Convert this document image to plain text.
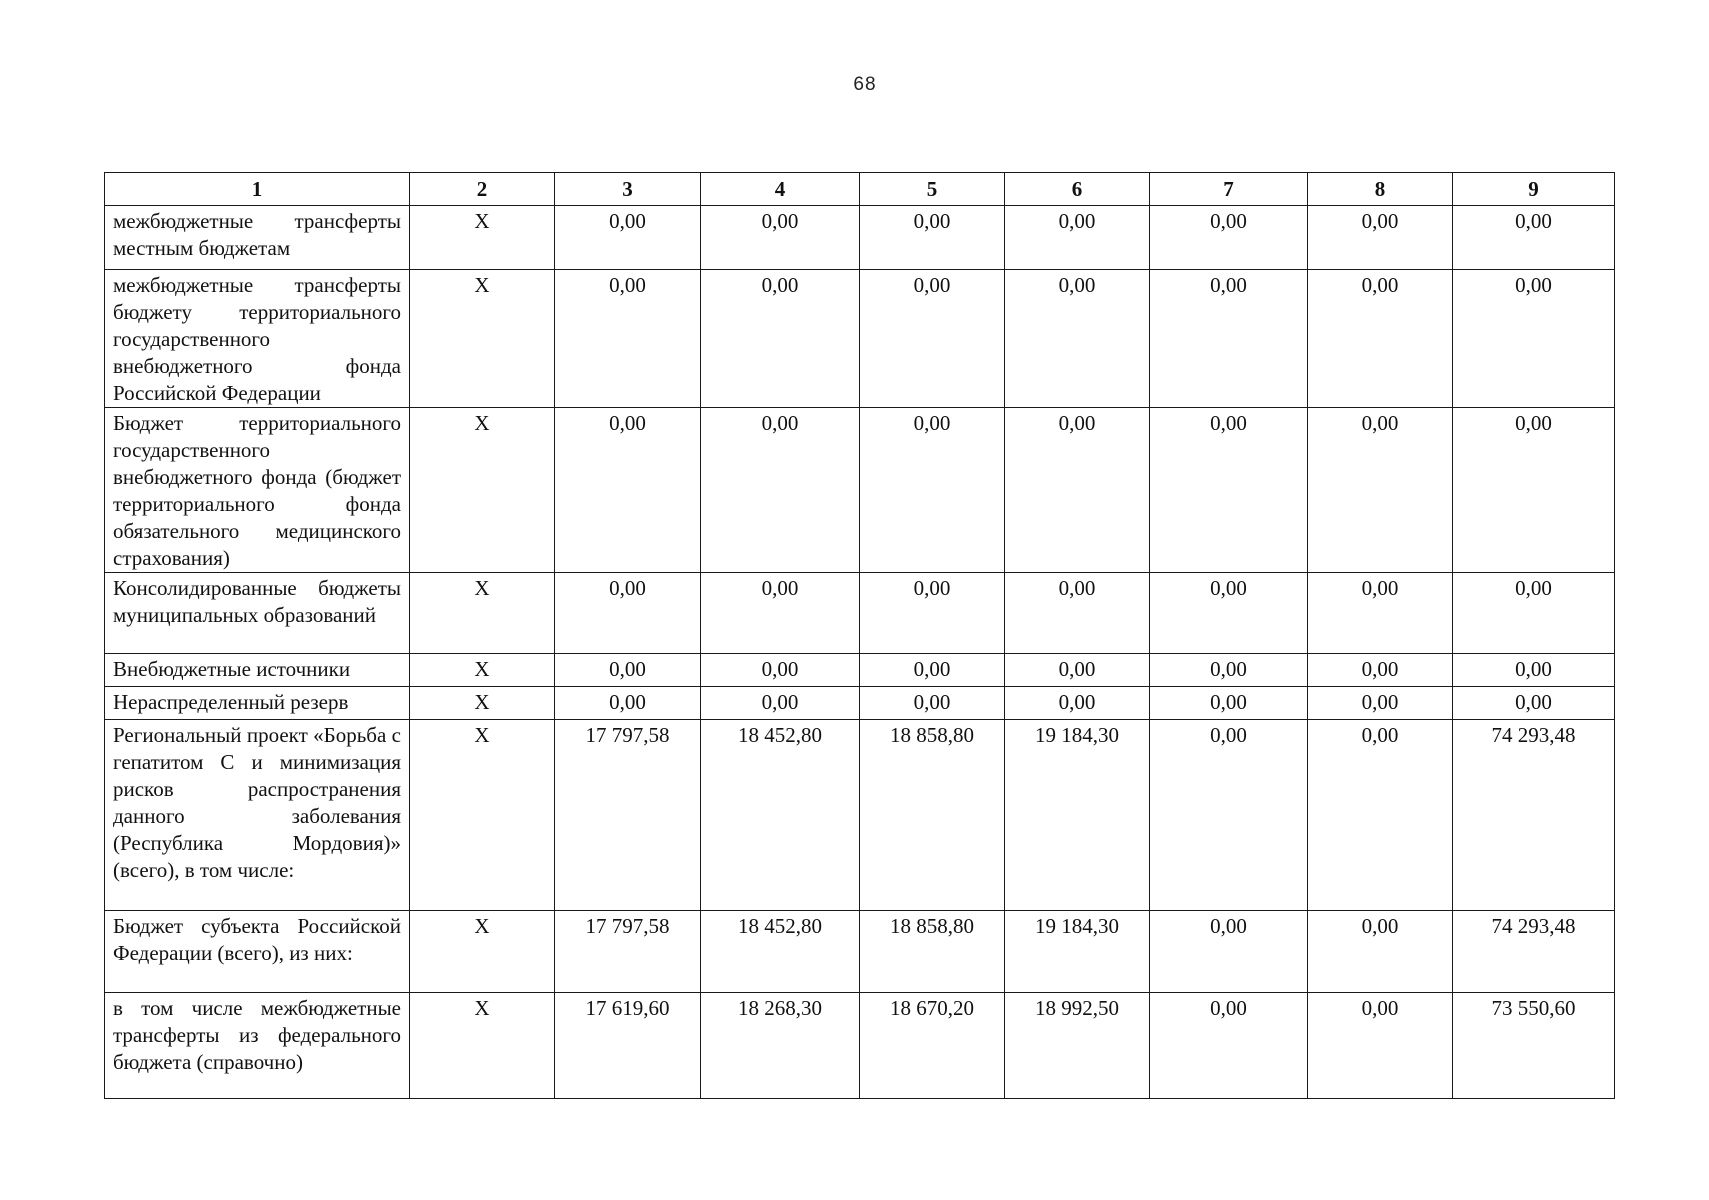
68
1	2	3	4	5	6	7	8	9
межбюджетные трансферты местным бюджетам	X	0,00	0,00	0,00	0,00	0,00	0,00	0,00
межбюджетные трансферты бюджету территориального государственного внебюджетного фонда Российской Федерации	X	0,00	0,00	0,00	0,00	0,00	0,00	0,00
Бюджет территориального государственного внебюджетного фонда (бюджет территориального фонда обязательного медицинского страхования)	X	0,00	0,00	0,00	0,00	0,00	0,00	0,00
Консолидированные бюджеты муниципальных образований	X	0,00	0,00	0,00	0,00	0,00	0,00	0,00
Внебюджетные источники	X	0,00	0,00	0,00	0,00	0,00	0,00	0,00
Нераспределенный резерв	X	0,00	0,00	0,00	0,00	0,00	0,00	0,00
Региональный проект «Борьба с гепатитом С и минимизация рисков распространения данного заболевания (Республика Мордовия)» (всего), в том числе:	X	17 797,58	18 452,80	18 858,80	19 184,30	0,00	0,00	74 293,48
Бюджет субъекта Российской Федерации (всего), из них:	X	17 797,58	18 452,80	18 858,80	19 184,30	0,00	0,00	74 293,48
в том числе межбюджетные трансферты из федерального бюджета (справочно)	X	17 619,60	18 268,30	18 670,20	18 992,50	0,00	0,00	73 550,60
